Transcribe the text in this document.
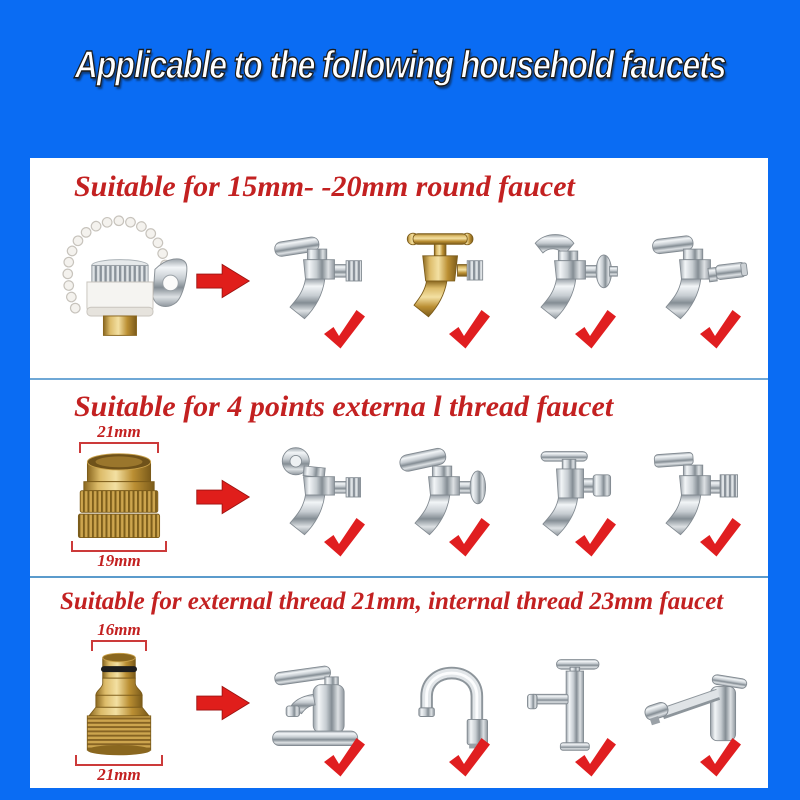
Applicable to the following household faucets
Suitable for 15mm- -20mm round faucet
Suitable for 4 points externa l thread faucet
21mm
19mm
Suitable for external thread 21mm, internal thread 23mm faucet
16mm
21mm
